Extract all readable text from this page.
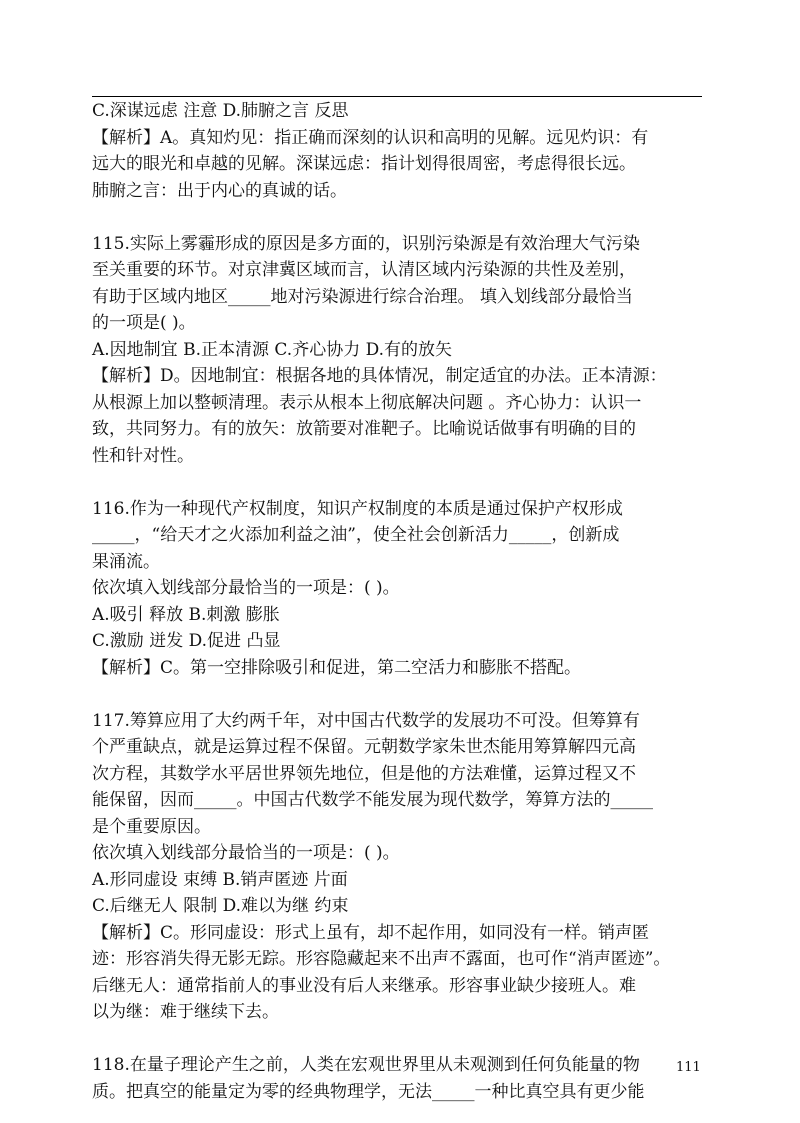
C.深谋远虑 注意 D.肺腑之言 反思
【解析】A。真知灼见：指正确而深刻的认识和高明的见解。远见灼识：有
远大的眼光和卓越的见解。深谋远虑：指计划得很周密，考虑得很长远。
肺腑之言：出于内心的真诚的话。
115.实际上雾霾形成的原因是多方面的，识别污染源是有效治理大气污染
至关重要的环节。对京津冀区域而言，认清区域内污染源的共性及差别，
有助于区域内地区_____地对污染源进行综合治理。 填入划线部分最恰当
的一项是( )。
A.因地制宜 B.正本清源 C.齐心协力 D.有的放矢
【解析】D。因地制宜：根据各地的具体情况，制定适宜的办法。正本清源：
从根源上加以整顿清理。表示从根本上彻底解决问题 。齐心协力：认识一
致，共同努力。有的放矢：放箭要对准靶子。比喻说话做事有明确的目的
性和针对性。
116.作为一种现代产权制度，知识产权制度的本质是通过保护产权形成
_____，“给天才之火添加利益之油”，使全社会创新活力_____，创新成
果涌流。
依次填入划线部分最恰当的一项是：( )。
A.吸引 释放 B.刺激 膨胀
C.激励 迸发 D.促进 凸显
【解析】C。第一空排除吸引和促进，第二空活力和膨胀不搭配。
117.筹算应用了大约两千年，对中国古代数学的发展功不可没。但筹算有
个严重缺点，就是运算过程不保留。元朝数学家朱世杰能用筹算解四元高
次方程，其数学水平居世界领先地位，但是他的方法难懂，运算过程又不
能保留，因而_____。中国古代数学不能发展为现代数学，筹算方法的_____
是个重要原因。
依次填入划线部分最恰当的一项是：( )。
A.形同虚设 束缚 B.销声匿迹 片面
C.后继无人 限制 D.难以为继 约束
【解析】C。形同虚设：形式上虽有，却不起作用，如同没有一样。销声匿
迹：形容消失得无影无踪。形容隐藏起来不出声不露面，也可作“消声匿迹”。
后继无人：通常指前人的事业没有后人来继承。形容事业缺少接班人。难
以为继：难于继续下去。
118.在量子理论产生之前，人类在宏观世界里从未观测到任何负能量的物
质。把真空的能量定为零的经典物理学，无法_____一种比真空具有更少能
111
